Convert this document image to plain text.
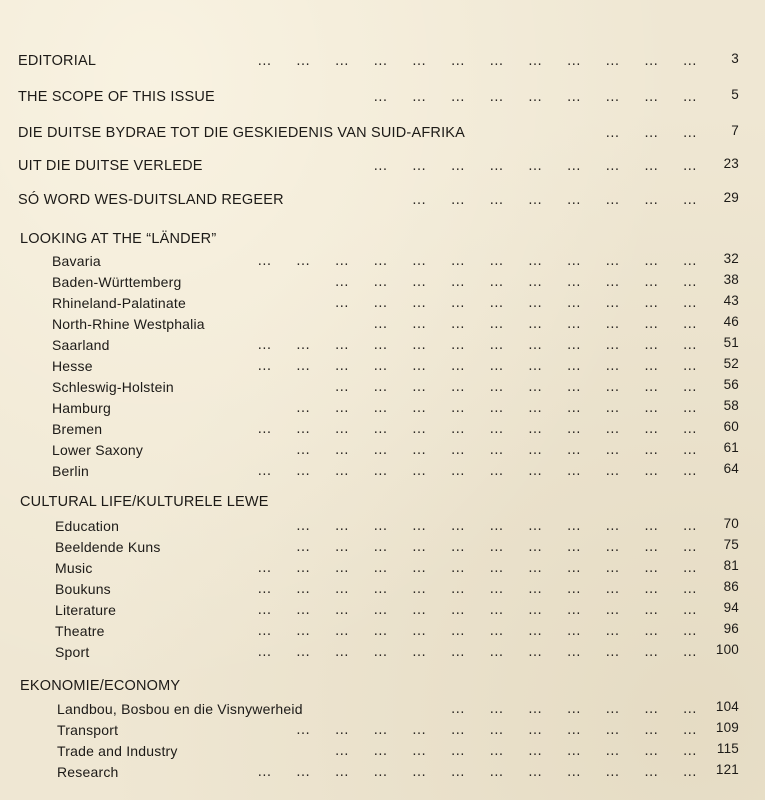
EDITORIAL	…      …      …      …      …      …      …      …      …      …      …      …	3
THE SCOPE OF THIS ISSUE	…      …      …      …      …      …      …      …      …	5
DIE DUITSE BYDRAE TOT DIE GESKIEDENIS VAN SUID-AFRIKA	…      …      …	7
UIT DIE DUITSE VERLEDE	…      …      …      …      …      …      …      …      …	23
SÓ WORD WES-DUITSLAND REGEER	…      …      …      …      …      …      …      …	29
LOOKING AT THE “LÄNDER”
Bavaria	…      …      …      …      …      …      …      …      …      …      …      …	32
Baden-Württemberg	…      …      …      …      …      …      …      …      …      …	38
Rhineland-Palatinate	…      …      …      …      …      …      …      …      …      …	43
North-Rhine Westphalia	…      …      …      …      …      …      …      …      …	46
Saarland	…      …      …      …      …      …      …      …      …      …      …      …	51
Hesse	…      …      …      …      …      …      …      …      …      …      …      …	52
Schleswig-Holstein	…      …      …      …      …      …      …      …      …      …	56
Hamburg	…      …      …      …      …      …      …      …      …      …      …	58
Bremen	…      …      …      …      …      …      …      …      …      …      …      …	60
Lower Saxony	…      …      …      …      …      …      …      …      …      …      …	61
Berlin	…      …      …      …      …      …      …      …      …      …      …      …	64
CULTURAL LIFE/KULTURELE LEWE
Education	…      …      …      …      …      …      …      …      …      …      …	70
Beeldende Kuns	…      …      …      …      …      …      …      …      …      …      …	75
Music	…      …      …      …      …      …      …      …      …      …      …      …	81
Boukuns	…      …      …      …      …      …      …      …      …      …      …      …	86
Literature	…      …      …      …      …      …      …      …      …      …      …      …	94
Theatre	…      …      …      …      …      …      …      …      …      …      …      …	96
Sport	…      …      …      …      …      …      …      …      …      …      …      …	100
EKONOMIE/ECONOMY
Landbou, Bosbou en die Visnywerheid	…      …      …      …      …      …      …	104
Transport	…      …      …      …      …      …      …      …      …      …      …	109
Trade and Industry	…      …      …      …      …      …      …      …      …      …	115
Research	…      …      …      …      …      …      …      …      …      …      …      …	121
